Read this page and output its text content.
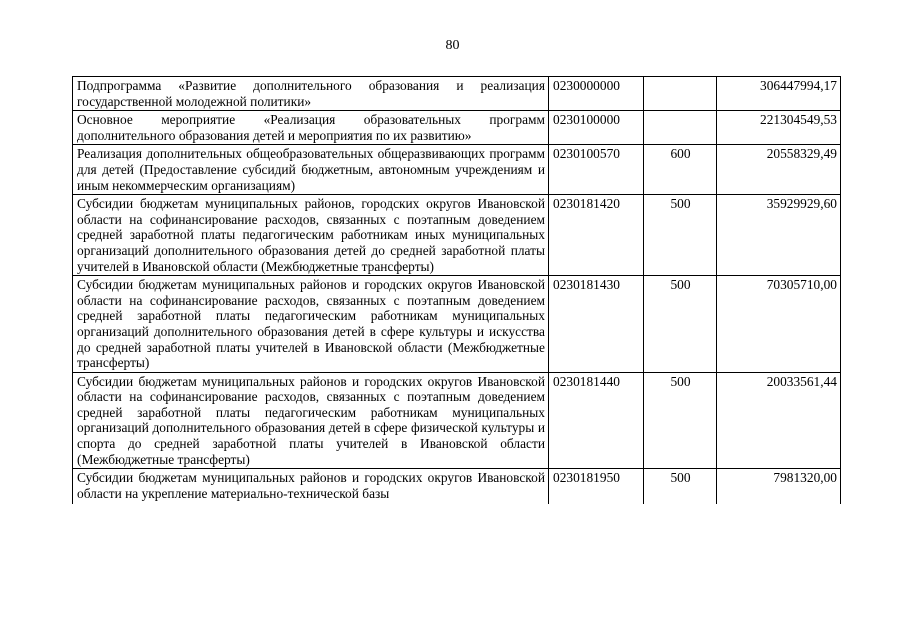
80
Подпрограмма «Развитие дополнительного образования и реализация государственной молодежной политики»	0230000000		306447994,17
Основное мероприятие «Реализация образовательных программ дополнительного образования детей и мероприятия по их развитию»	0230100000		221304549,53
Реализация дополнительных общеобразовательных общеразвивающих программ для детей (Предоставление субсидий бюджетным, автономным учреждениям и иным некоммерческим организациям)	0230100570	600	20558329,49
Субсидии бюджетам муниципальных районов, городских округов Ивановской области на софинансирование расходов, связанных с поэтапным доведением средней заработной платы педагогическим работникам иных муниципальных организаций дополнительного образования детей до средней заработной платы учителей в Ивановской области (Межбюджетные трансферты)	0230181420	500	35929929,60
Субсидии бюджетам муниципальных районов и городских округов Ивановской области на софинансирование расходов, связанных с поэтапным доведением средней заработной платы педагогическим работникам муниципальных организаций дополнительного образования детей в сфере культуры и искусства до средней заработной платы учителей в Ивановской области (Межбюджетные трансферты)	0230181430	500	70305710,00
Субсидии бюджетам муниципальных районов и городских округов Ивановской области на софинансирование расходов, связанных с поэтапным доведением средней заработной платы педагогическим работникам муниципальных организаций дополнительного образования детей в сфере физической культуры и спорта до средней заработной платы учителей в Ивановской области (Межбюджетные трансферты)	0230181440	500	20033561,44
Субсидии бюджетам муниципальных районов и городских округов Ивановской области на укрепление материально-технической базы	0230181950	500	7981320,00
